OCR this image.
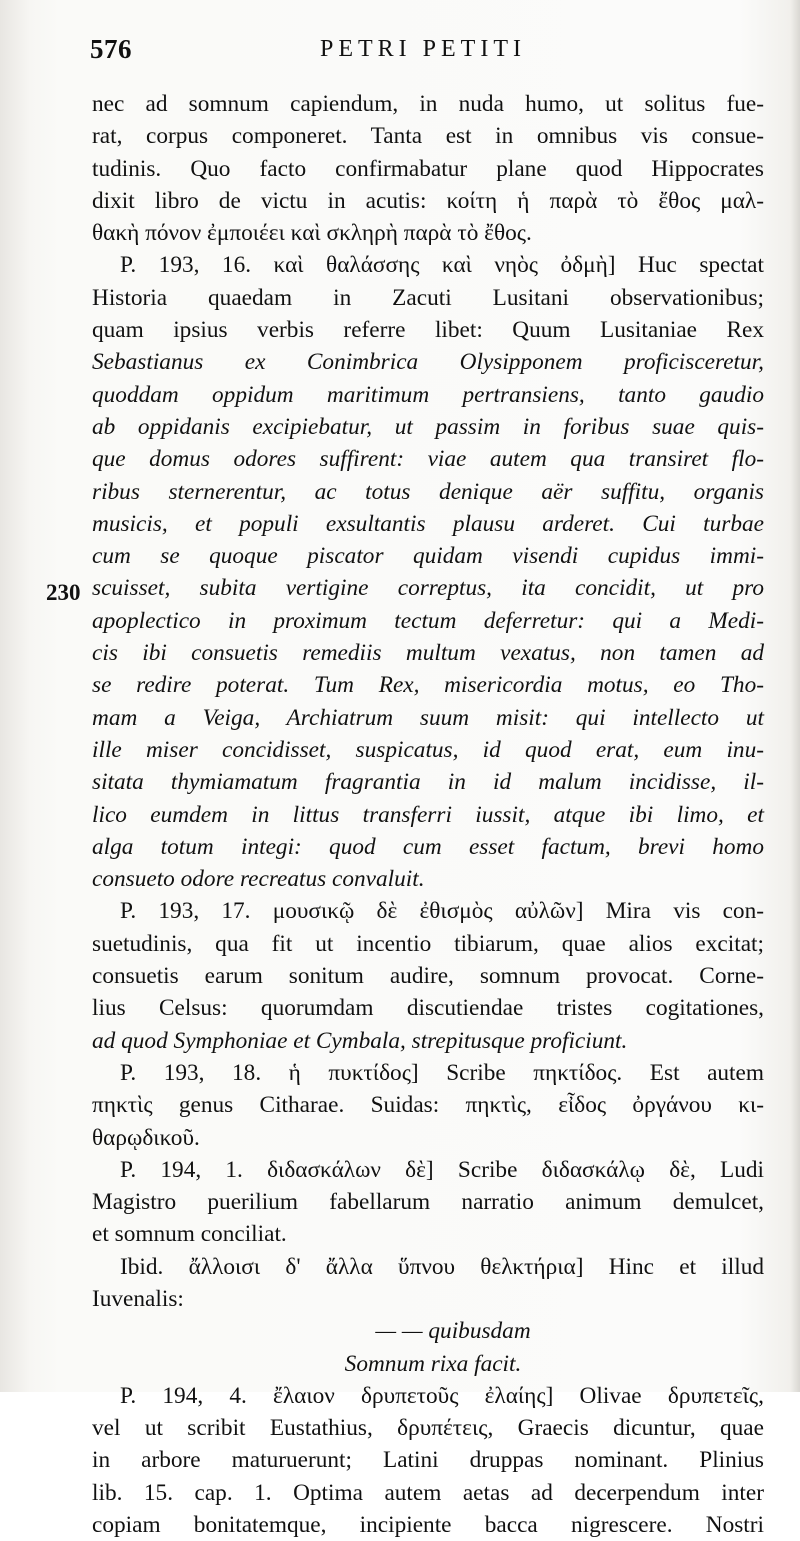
576	PETRI PETITI
230
nec ad somnum capiendum, in nuda humo, ut solitus fue-
rat, corpus componeret. Tanta est in omnibus vis consue-
tudinis. Quo facto confirmabatur plane quod Hippocrates
dixit libro de victu in acutis: κοίτη ἡ παρὰ τὸ ἔθος μαλ-
θακὴ πόνον ἐμποιέει καὶ σκληρὴ παρὰ τὸ ἔθος.
P. 193, 16. καὶ θαλάσσης καὶ νηὸς ὀδμὴ] Huc spectat
Historia quaedam in Zacuti Lusitani observationibus;
quam ipsius verbis referre libet: Quum Lusitaniae Rex
Sebastianus ex Conimbrica Olysipponem proficisceretur,
quoddam oppidum maritimum pertransiens, tanto gaudio
ab oppidanis excipiebatur, ut passim in foribus suae quis-
que domus odores suffirent: viae autem qua transiret flo-
ribus sternerentur, ac totus denique aër suffitu, organis
musicis, et populi exsultantis plausu arderet. Cui turbae
cum se quoque piscator quidam visendi cupidus immi-
scuisset, subita vertigine correptus, ita concidit, ut pro
apoplectico in proximum tectum deferretur: qui a Medi-
cis ibi consuetis remediis multum vexatus, non tamen ad
se redire poterat. Tum Rex, misericordia motus, eo Tho-
mam a Veiga, Archiatrum suum misit: qui intellecto ut
ille miser concidisset, suspicatus, id quod erat, eum inu-
sitata thymiamatum fragrantia in id malum incidisse, il-
lico eumdem in littus transferri iussit, atque ibi limo, et
alga totum integi: quod cum esset factum, brevi homo
consueto odore recreatus convaluit.
P. 193, 17. μουσικῷ δὲ ἐθισμὸς αὐλῶν] Mira vis con-
suetudinis, qua fit ut incentio tibiarum, quae alios excitat;
consuetis earum sonitum audire, somnum provocat. Corne-
lius Celsus: quorumdam discutiendae tristes cogitationes,
ad quod Symphoniae et Cymbala, strepitusque proficiunt.
P. 193, 18. ἡ πυκτίδος] Scribe πηκτίδος. Est autem
πηκτὶς genus Citharae. Suidas: πηκτὶς, εἶδος ὀργάνου κι-
θαρῳδικοῦ.
P. 194, 1. διδασκάλων δὲ] Scribe διδασκάλῳ δὲ, Ludi
Magistro puerilium fabellarum narratio animum demulcet,
et somnum conciliat.
Ibid. ἄλλοισι δ' ἄλλα ὕπνου θελκτήρια] Hinc et illud
Iuvenalis:
— — quibusdam
Somnum rixa facit.
P. 194, 4. ἔλαιον δρυπετοῦς ἐλαίης] Olivae δρυπετεῖς,
vel ut scribit Eustathius, δρυπέτεις, Graecis dicuntur, quae
in arbore maturuerunt; Latini druppas nominant. Plinius
lib. 15. cap. 1. Optima autem aetas ad decerpendum inter
copiam bonitatemque, incipiente bacca nigrescere. Nostri
